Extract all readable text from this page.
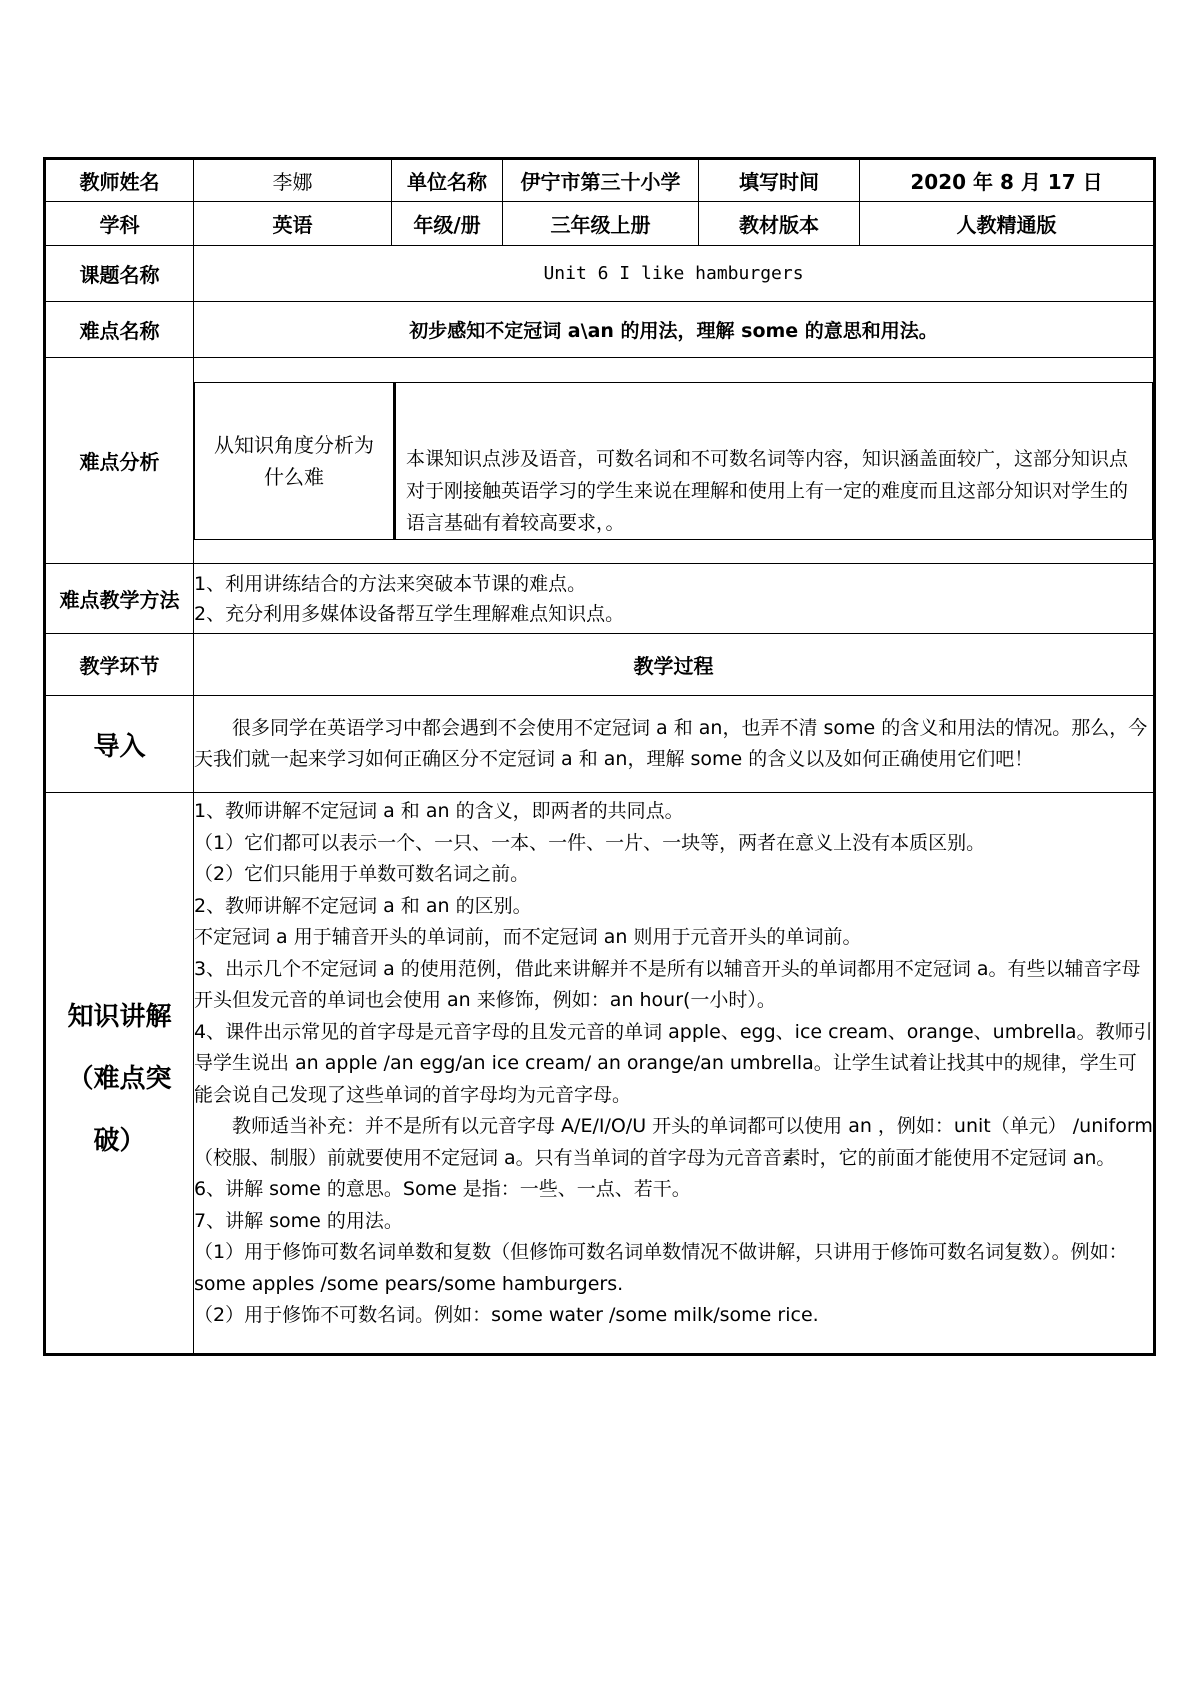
教师姓名	李娜	单位名称	伊宁市第三十小学	填写时间	2020 年 8 月 17 日
学科	英语	年级/册	三年级上册	教材版本	人教精通版
课题名称	Unit 6 I like hamburgers
难点名称	初步感知不定冠词 a\an 的用法，理解 some 的意思和用法。
难点分析	
从知识角度分析为什么难	本课知识点涉及语音，可数名词和不可数名词等内容，知识涵盖面较广，这部分知识点对于刚接触英语学习的学生来说在理解和使用上有一定的难度而且这部分知识对学生的语言基础有着较高要求，。

难点教学方法	
1、利用讲练结合的方法来突破本节课的难点。
2、充分利用多媒体设备帮互学生理解难点知识点。

教学环节	教学过程
导入	很多同学在英语学习中都会遇到不会使用不定冠词 a 和 an，也弄不清 some 的含义和用法的情况。那么，今天我们就一起来学习如何正确区分不定冠词 a 和 an，理解 some 的含义以及如何正确使用它们吧！

知识讲解
（难点突
破）

1、教师讲解不定冠词 a 和 an 的含义，即两者的共同点。
（1）它们都可以表示一个、一只、一本、一件、一片、一块等，两者在意义上没有本质区别。
（2）它们只能用于单数可数名词之前。
2、教师讲解不定冠词 a 和 an 的区别。
不定冠词 a 用于辅音开头的单词前，而不定冠词 an 则用于元音开头的单词前。
3、出示几个不定冠词 a 的使用范例，借此来讲解并不是所有以辅音开头的单词都用不定冠词 a。有些以辅音字母开头但发元音的单词也会使用 an 来修饰，例如：an hour(一小时）。
4、课件出示常见的首字母是元音字母的且发元音的单词 apple、egg、ice cream、orange、umbrella。教师引导学生说出 an apple /an egg/an ice cream/ an orange/an umbrella。让学生试着让找其中的规律，学生可能会说自己发现了这些单词的首字母均为元音字母。
教师适当补充：并不是所有以元音字母 A/E/I/O/U 开头的单词都可以使用 an ，例如：unit（单元） /uniform（校服、制服）前就要使用不定冠词 a。只有当单词的首字母为元音音素时，它的前面才能使用不定冠词 an。
6、讲解 some 的意思。Some 是指：一些、一点、若干。
7、讲解 some 的用法。
（1）用于修饰可数名词单数和复数（但修饰可数名词单数情况不做讲解，只讲用于修饰可数名词复数）。例如： some apples /some pears/some hamburgers.
（2）用于修饰不可数名词。例如：some water /some milk/some rice.
